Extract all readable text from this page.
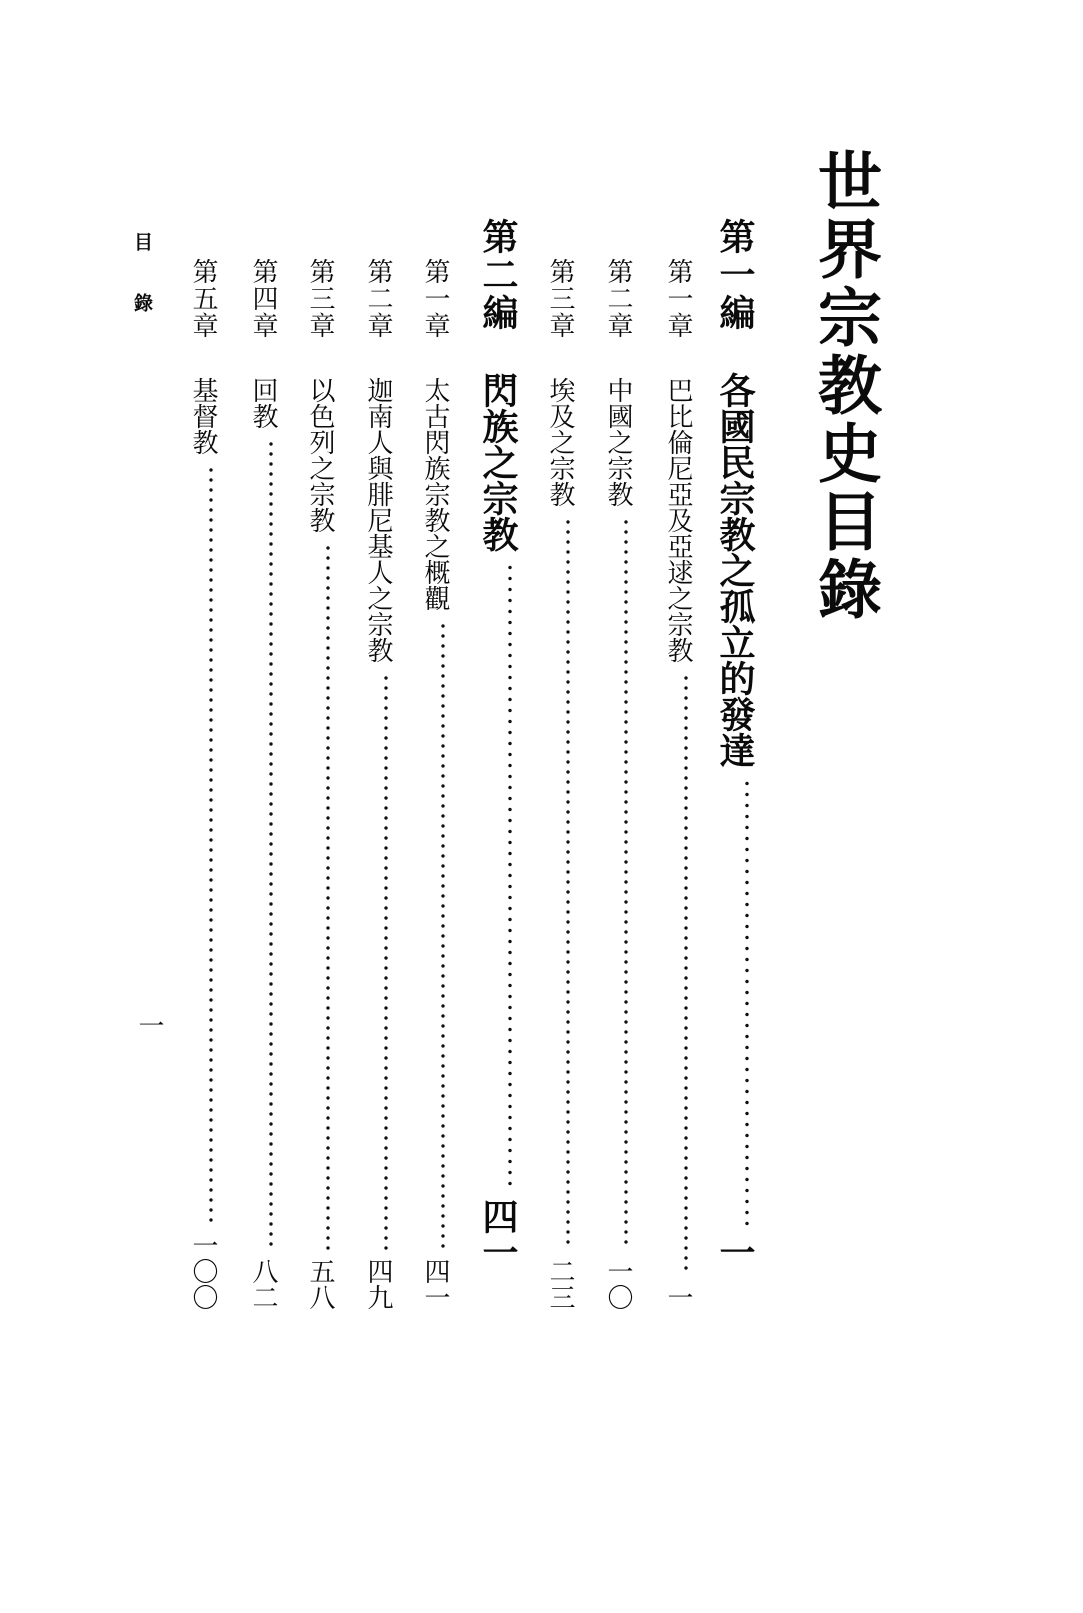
世界宗教史目錄
第一編
各國民宗教之孤立的發達
一
第一章
巴比倫尼亞及亞逑之宗教
一
第二章
中國之宗教
一〇
第三章
埃及之宗教
二三
第二編
閃族之宗教
四一
第一章
太古閃族宗教之概觀
四一
第二章
迦南人與腓尼基人之宗教
四九
第三章
以色列之宗教
五八
第四章
回教
八二
第五章
基督教
一〇〇
目錄
一
